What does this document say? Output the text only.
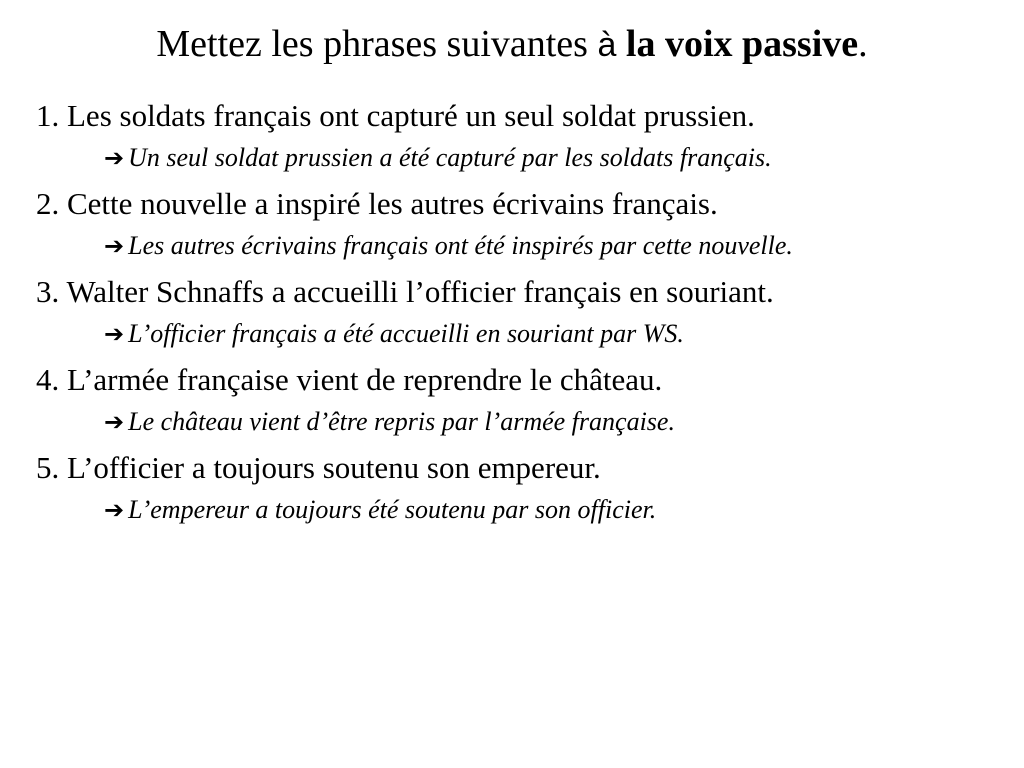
Mettez les phrases suivantes à la voix passive.
1. Les soldats français ont capturé un seul soldat prussien.
➔ Un seul soldat prussien a été capturé par les soldats français.
2. Cette nouvelle a inspiré les autres écrivains français.
➔ Les autres écrivains français ont été inspirés par cette nouvelle.
3. Walter Schnaffs a accueilli l’officier français en souriant.
➔ L’officier français a été accueilli en souriant par WS.
4. L’armée française vient de reprendre le château.
➔ Le château vient d’être repris par l’armée française.
5. L’officier a toujours soutenu son empereur.
➔ L’empereur a toujours été soutenu par son officier.
